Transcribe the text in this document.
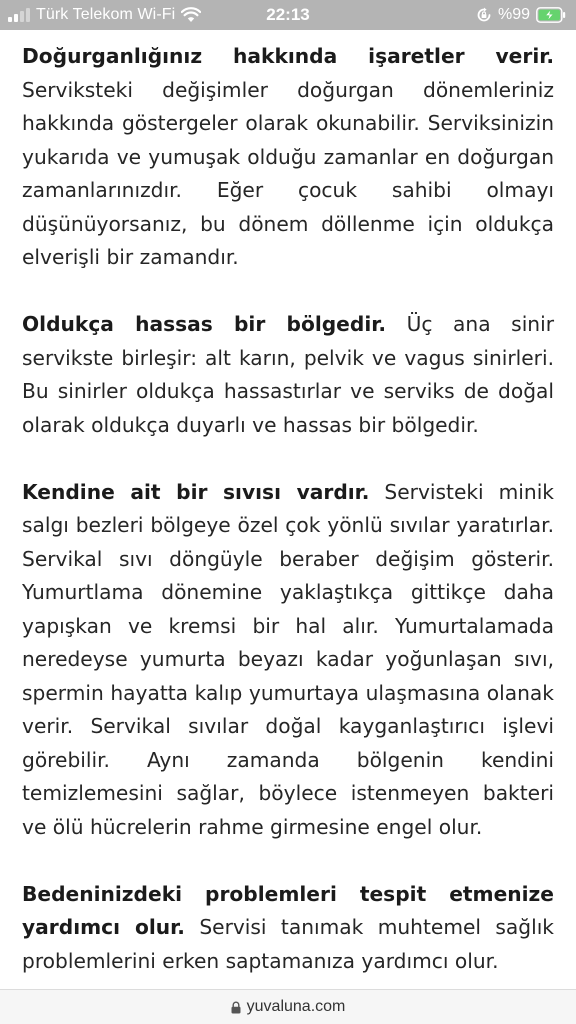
Türk Telekom Wi-Fi	22:13	%99

Doğurganlığınız hakkında işaretler verir. Serviksteki değişimler doğurgan dönemleriniz hakkında göstergeler olarak okunabilir. Serviksinizin yukarıda ve yumuşak olduğu zamanlar en doğurgan zamanlarınızdır. Eğer çocuk sahibi olmayı düşünüyorsanız, bu dönem döllenme için oldukça elverişli bir zamandır.

Oldukça hassas bir bölgedir. Üç ana sinir servikste birleşir: alt karın, pelvik ve vagus sinirleri. Bu sinirler oldukça hassastırlar ve serviks de doğal olarak oldukça duyarlı ve hassas bir bölgedir.

Kendine ait bir sıvısı vardır. Servisteki minik salgı bezleri bölgeye özel çok yönlü sıvılar yaratırlar. Servikal sıvı döngüyle beraber değişim gösterir. Yumurtlama dönemine yaklaştıkça gittikçe daha yapışkan ve kremsi bir hal alır. Yumurtalamada neredeyse yumurta beyazı kadar yoğunlaşan sıvı, spermin hayatta kalıp yumurtaya ulaşmasına olanak verir. Servikal sıvılar doğal kayganlaştırıcı işlevi görebilir. Aynı zamanda bölgenin kendini temizlemesini sağlar, böylece istenmeyen bakteri ve ölü hücrelerin rahme girmesine engel olur.

Bedeninizdeki problemleri tespit etmenize yardımcı olur. Servisi tanımak muhtemel sağlık problemlerini erken saptamanıza yardımcı olur.

yuvaluna.com
